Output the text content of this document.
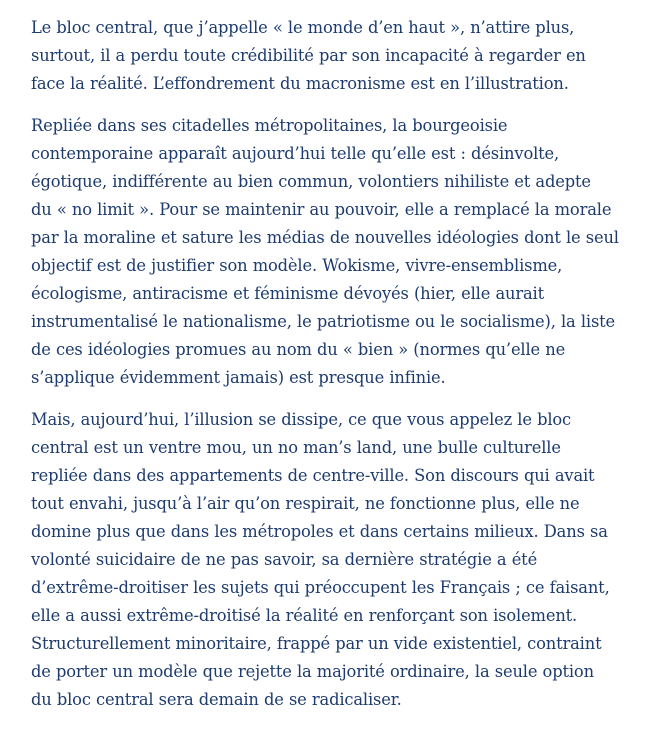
Le bloc central, que j’appelle « le monde d’en haut », n’attire plus,
surtout, il a perdu toute crédibilité par son incapacité à regarder en
face la réalité. L’effondrement du macronisme est en l’illustration.

Repliée dans ses citadelles métropolitaines, la bourgeoisie
contemporaine apparaît aujourd’hui telle qu’elle est : désinvolte,
égotique, indifférente au bien commun, volontiers nihiliste et adepte
du « no limit ». Pour se maintenir au pouvoir, elle a remplacé la morale
par la moraline et sature les médias de nouvelles idéologies dont le seul
objectif est de justifier son modèle. Wokisme, vivre-ensemblisme,
écologisme, antiracisme et féminisme dévoyés (hier, elle aurait
instrumentalisé le nationalisme, le patriotisme ou le socialisme), la liste
de ces idéologies promues au nom du « bien » (normes qu’elle ne
s’applique évidemment jamais) est presque infinie.

Mais, aujourd’hui, l’illusion se dissipe, ce que vous appelez le bloc
central est un ventre mou, un no man’s land, une bulle culturelle
repliée dans des appartements de centre-ville. Son discours qui avait
tout envahi, jusqu’à l’air qu’on respirait, ne fonctionne plus, elle ne
domine plus que dans les métropoles et dans certains milieux. Dans sa
volonté suicidaire de ne pas savoir, sa dernière stratégie a été
d’extrême-droitiser les sujets qui préoccupent les Français ; ce faisant,
elle a aussi extrême-droitisé la réalité en renforçant son isolement.
Structurellement minoritaire, frappé par un vide existentiel, contraint
de porter un modèle que rejette la majorité ordinaire, la seule option
du bloc central sera demain de se radicaliser.
